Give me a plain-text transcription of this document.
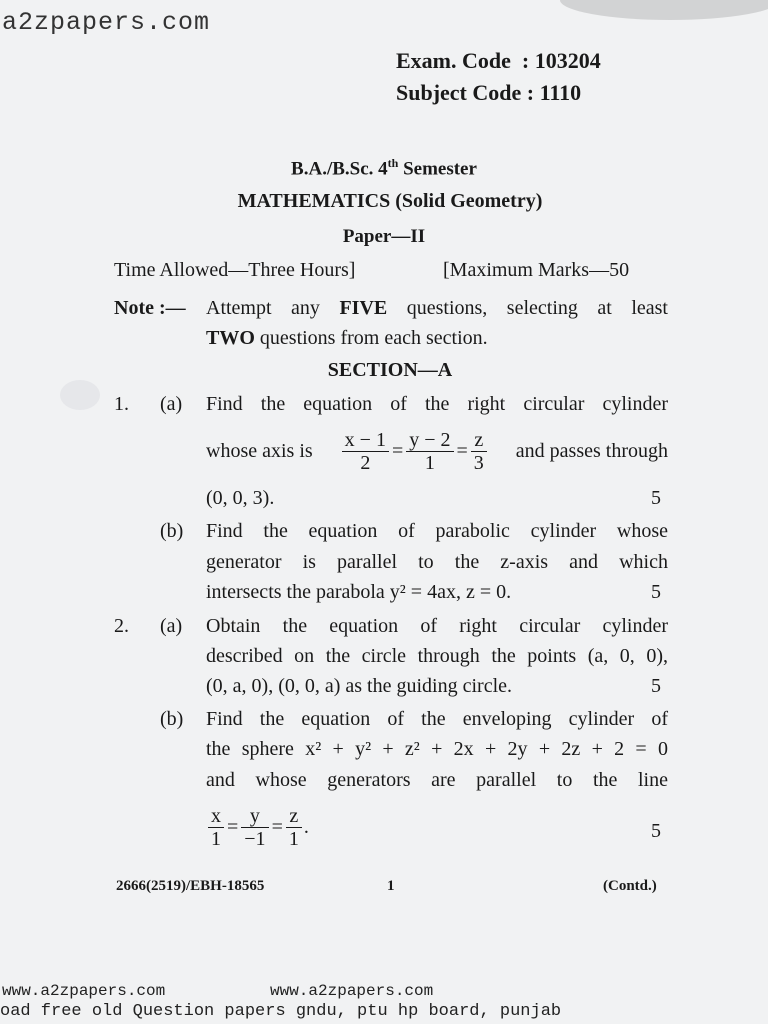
a2zpapers.com
Exam. Code  : 103204
Subject Code : 1110
B.A./B.Sc. 4th Semester
MATHEMATICS (Solid Geometry)
Paper—II
Time Allowed—Three Hours]	[Maximum Marks—50
Note :— Attempt any FIVE questions, selecting at least
TWO questions from each section.
SECTION—A
1. (a) Find the equation of the right circular cylinder
whose axis is $\frac{x - 1}{2} = \frac{y - 2}{1} = \frac{z}{3}$ and passes through
(0, 0, 3).	5
(b) Find the equation of parabolic cylinder whose
generator is parallel to the z-axis and which
intersects the parabola y² = 4ax, z = 0.	5
2. (a) Obtain the equation of right circular cylinder
described on the circle through the points (a, 0, 0),
(0, a, 0), (0, 0, a) as the guiding circle.	5
(b) Find the equation of the enveloping cylinder of
the sphere x² + y² + z² + 2x + 2y + 2z + 2 = 0
and whose generators are parallel to the line
$\frac{x}{1} = \frac{y}{-1} = \frac{z}{1}$ .	5
2666(2519)/EBH-18565	1	(Contd.)
www.a2zpapers.com	www.a2zpapers.com
oad free old Question papers gndu, ptu hp board, punjab
